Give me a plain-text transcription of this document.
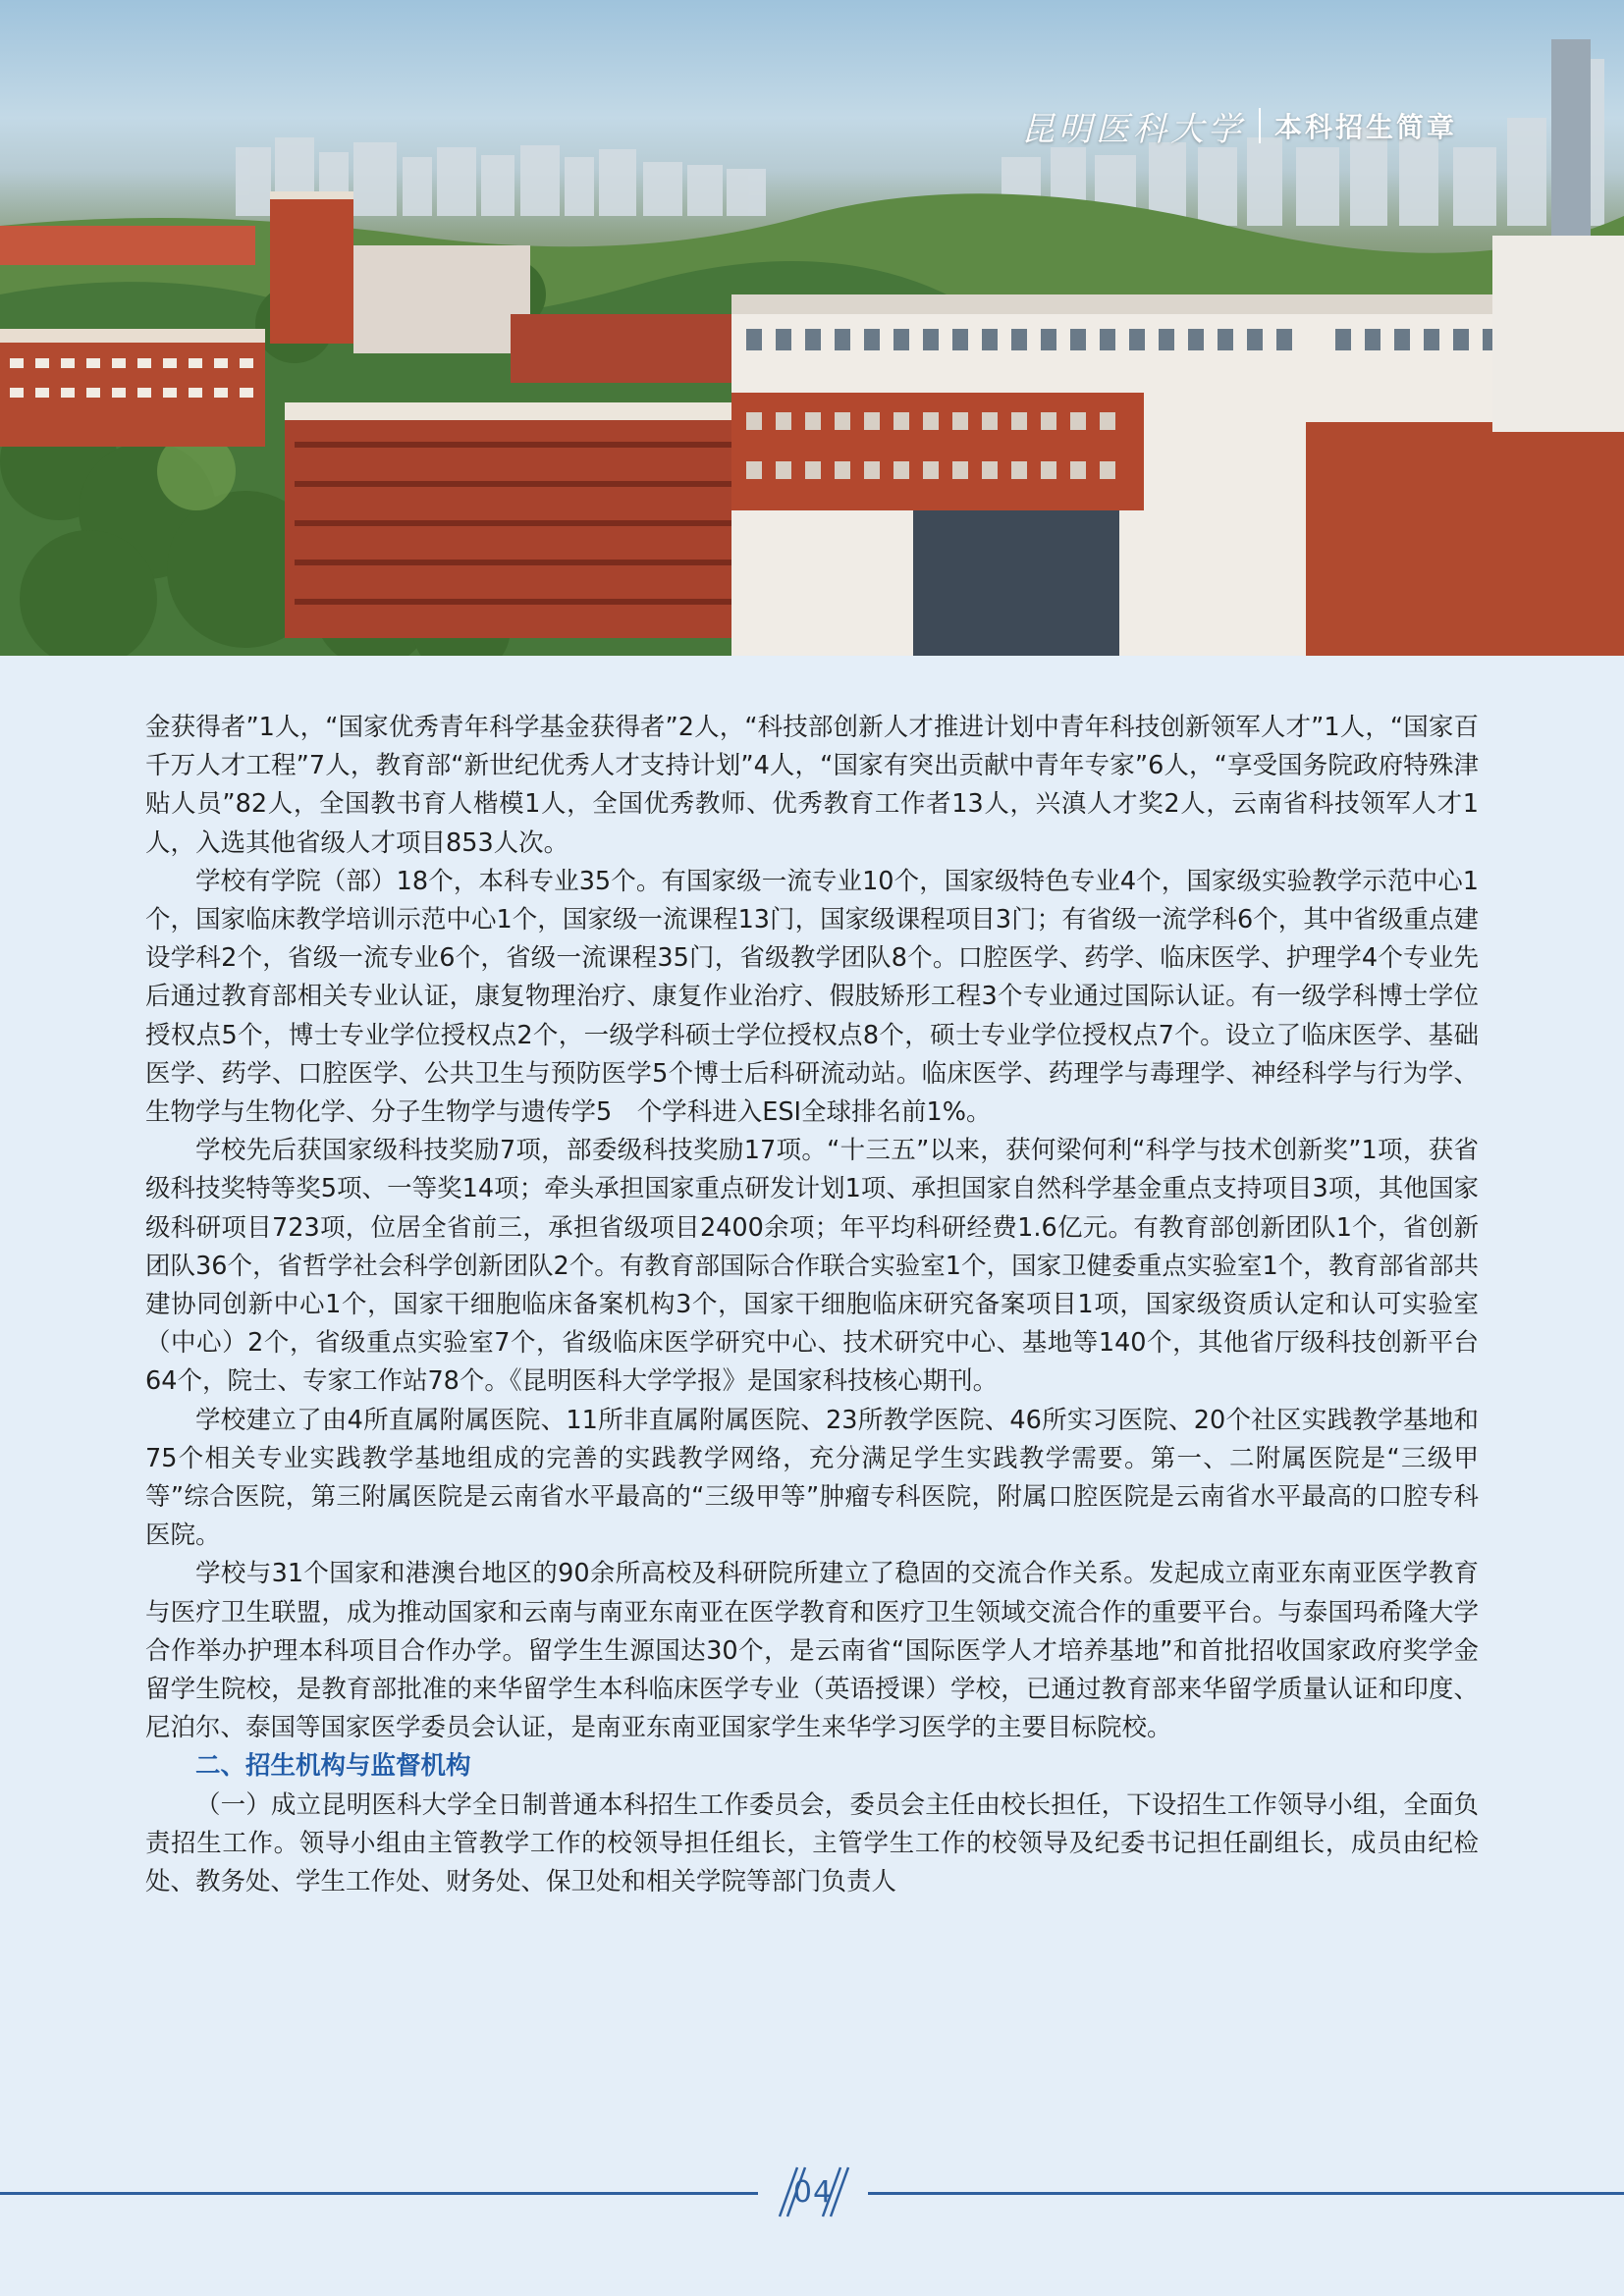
昆明医科大学 本科招生简章

金获得者”1人，“国家优秀青年科学基金获得者”2人，“科技部创新人才推进计划中青年科技创新领军人才”1人，“国家百千万人才工程”7人，教育部“新世纪优秀人才支持计划”4人，“国家有突出贡献中青年专家”6人，“享受国务院政府特殊津贴人员”82人，全国教书育人楷模1人，全国优秀教师、优秀教育工作者13人，兴滇人才奖2人，云南省科技领军人才1人，入选其他省级人才项目853人次。

学校有学院（部）18个，本科专业35个。有国家级一流专业10个，国家级特色专业4个，国家级实验教学示范中心1个，国家临床教学培训示范中心1个，国家级一流课程13门，国家级课程项目3门；有省级一流学科6个，其中省级重点建设学科2个，省级一流专业6个，省级一流课程35门，省级教学团队8个。口腔医学、药学、临床医学、护理学4个专业先后通过教育部相关专业认证，康复物理治疗、康复作业治疗、假肢矫形工程3个专业通过国际认证。有一级学科博士学位授权点5个，博士专业学位授权点2个，一级学科硕士学位授权点8个，硕士专业学位授权点7个。设立了临床医学、基础医学、药学、口腔医学、公共卫生与预防医学5个博士后科研流动站。临床医学、药理学与毒理学、神经科学与行为学、生物学与生物化学、分子生物学与遗传学5　个学科进入ESI全球排名前1%。

学校先后获国家级科技奖励7项，部委级科技奖励17项。“十三五”以来，获何梁何利“科学与技术创新奖”1项，获省级科技奖特等奖5项、一等奖14项；牵头承担国家重点研发计划1项、承担国家自然科学基金重点支持项目3项，其他国家级科研项目723项，位居全省前三，承担省级项目2400余项；年平均科研经费1.6亿元。有教育部创新团队1个，省创新团队36个，省哲学社会科学创新团队2个。有教育部国际合作联合实验室1个，国家卫健委重点实验室1个，教育部省部共建协同创新中心1个，国家干细胞临床备案机构3个，国家干细胞临床研究备案项目1项，国家级资质认定和认可实验室（中心）2个，省级重点实验室7个，省级临床医学研究中心、技术研究中心、基地等140个，其他省厅级科技创新平台64个，院士、专家工作站78个。《昆明医科大学学报》是国家科技核心期刊。

学校建立了由4所直属附属医院、11所非直属附属医院、23所教学医院、46所实习医院、20个社区实践教学基地和75个相关专业实践教学基地组成的完善的实践教学网络，充分满足学生实践教学需要。第一、二附属医院是“三级甲等”综合医院，第三附属医院是云南省水平最高的“三级甲等”肿瘤专科医院，附属口腔医院是云南省水平最高的口腔专科医院。

学校与31个国家和港澳台地区的90余所高校及科研院所建立了稳固的交流合作关系。发起成立南亚东南亚医学教育与医疗卫生联盟，成为推动国家和云南与南亚东南亚在医学教育和医疗卫生领域交流合作的重要平台。与泰国玛希隆大学合作举办护理本科项目合作办学。留学生生源国达30个，是云南省“国际医学人才培养基地”和首批招收国家政府奖学金留学生院校，是教育部批准的来华留学生本科临床医学专业（英语授课）学校，已通过教育部来华留学质量认证和印度、尼泊尔、泰国等国家医学委员会认证，是南亚东南亚国家学生来华学习医学的主要目标院校。

二、招生机构与监督机构

（一）成立昆明医科大学全日制普通本科招生工作委员会，委员会主任由校长担任，下设招生工作领导小组，全面负责招生工作。领导小组由主管教学工作的校领导担任组长，主管学生工作的校领导及纪委书记担任副组长，成员由纪检处、教务处、学生工作处、财务处、保卫处和相关学院等部门负责人

04
